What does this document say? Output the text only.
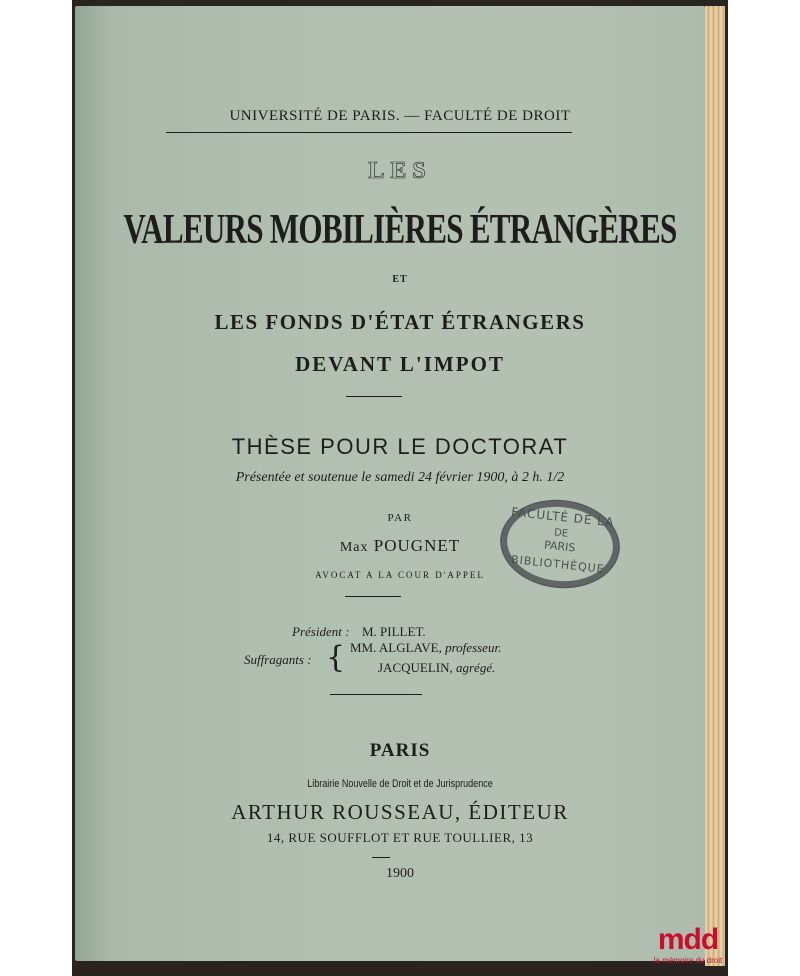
UNIVERSITÉ DE PARIS. — FACULTÉ DE DROIT
LES
VALEURS MOBILIÈRES ÉTRANGÈRES
ET
LES FONDS D'ÉTAT ÉTRANGERS
DEVANT L'IMPOT
THÈSE POUR LE DOCTORAT
Présentée et soutenue le samedi 24 février 1900, à 2 h. 1/2
PAR
Max POUGNET
AVOCAT A LA COUR D'APPEL
Président : M. PILLET.
Suffragants : { MM. ALGLAVE, professeur.
JACQUELIN, agrégé.
PARIS
Librairie Nouvelle de Droit et de Jurisprudence
ARTHUR ROUSSEAU, ÉDITEUR
14, RUE SOUFFLOT ET RUE TOULLIER, 13
1900
FACULTÉ DE LA
DE
PARIS
BIBLIOTHÈQUE
mdd
la mémoire du droit
